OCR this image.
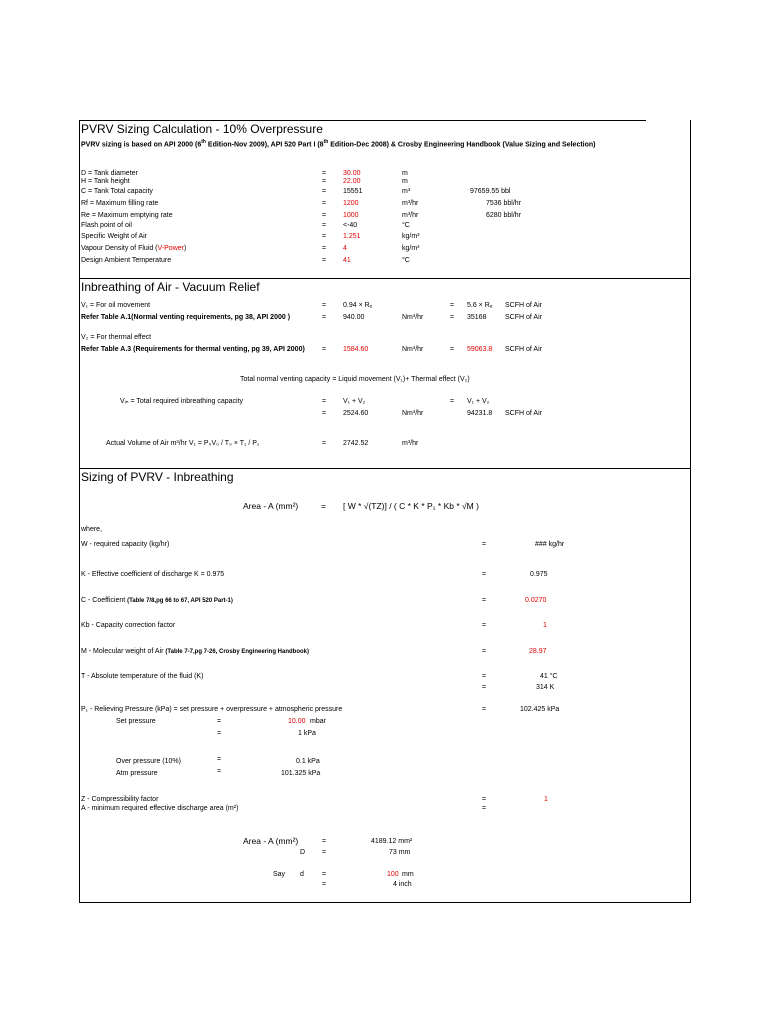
PVRV Sizing Calculation - 10% Overpressure
PVRV sizing is based on API 2000 (6th Edition-Nov 2009), API 520 Part I (8th Edition-Dec 2008) & Crosby Engineering Handbook (Value Sizing and Selection)
D = Tank diameter	= 30.00	m
H = Tank height	= 22.00	m
C = Tank Total capacity	= 15551	m³	97659.55 bbl
Rf = Maximum filling rate	= 1200	m³/hr	7536 bbl/hr
Re = Maximum emptying rate	= 1000	m³/hr	6280 bbl/hr
Flash point of oil	= <-40	°C
Specific Weight of Air	= 1.251	kg/m³
Vapour Density of Fluid (V-Power)	= 4	kg/m³
Design Ambient Temperature	= 41	°C
Inbreathing of Air - Vacuum Relief
V₁ = For oil movement	= 0.94 × Rₑ	= 5.6 × Rₑ SCFH of Air
Refer Table A.1(Normal venting requirements, pg 38, API 2000 )	= 940.00	Nm³/hr	= 35168	SCFH of Air
V₂ = For thermal effect
Refer Table A.3 (Requirements for thermal venting, pg 39, API 2000) = 1584.60	Nm³/hr	= 59063.8 SCFH of Air
Total normal venting capacity = Liquid movement (V₁)+ Thermal effect (V₂)
Vᵢₙ = Total required inbreathing capacity	= V₁ + V₂	= V₁ + V₂
= 2524.60	Nm³/hr	94231.8 SCFH of Air
Actual Volume of Air m³/hr V₁ = P₀V₀ / T₀ × T₁ / P₁	= 2742.52	m³/hr
Sizing of PVRV - Inbreathing
Area - A (mm²)	= [ W * √(TZ)] / ( C * K * P₁ * Kb * √M )
where,
W - required capacity (kg/hr)	=	### kg/hr
K - Effective coefficient of discharge K = 0.975	=	0.975
C - Coefficient (Table 7/8,pg 66 to 67, API 520 Part-1)	=	0.0270
Kb - Capacity correction factor	=	1
M - Molecular weight of Air (Table 7-7,pg 7-26, Crosby Engineering Handbook)	=	28.97
T - Absolute temperature of the fluid (K)	=	41 °C
=	314 K
P₁ - Relieving Pressure (kPa) = set pressure + overpressure + atmospheric pressure	=	102.425 kPa
Set pressure	=	10.00 mbar
=	1 kPa
Over pressure (10%)	=	0.1 kPa
Atm pressure	=	101.325 kPa
Z - Compressibility factor	=	1
A - minimum required effective discharge area (m²)	=
Area - A (mm²)	=	4189.12 mm²
D =	73 mm
Say d	=	100 mm
=	4 inch
